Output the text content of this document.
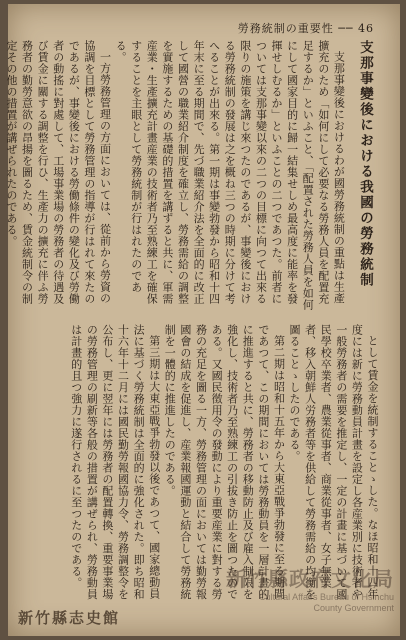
勞務統制の重要性 ── 46
支那事變後における我國の勞務統制

支那事變後におけるわが國勞務統制の重點は生產擴充のため「如何にして必要なる勞務人員を配置充足するか」といふこと、「配置された勞務人員を如何にして國家目的に歸一結集せしめ最高度に能率を發揮せしむるか」といふことの二つであつた。前者については支那事變以來の二つの目標に向つて出來る限りの施策を講じ來つたのであるが、事變後における勞務統制の發展は之を概ね三つの時期に分けて考へることが出來る。第一期は事變勃發から昭和十四年末に至る期間で、先づ職業紹介法を全面的に改正して國營の職業紹介制度を確立し、勞務需給の調整を實施するための基礎的措置を講ずると共に、軍需産業・生產擴充計畫産業の技術者乃至熟練工を確保することを主眼として勞務統制が行はれたのである。

一方勞務管理の方面においては、從前から勞資の協調を目標として勞務管理の指導が行はれて來たのであるが、事變後における勞働條件の變化及び勞働者の動搖に對處して、工場事業場の勞務者の待遇及び賃金に關する調整を行ひ、生產力の擴充に伴ふ勞務者の勤勞意欲の昂揚を圖るため、賃金統制令の制定その他の措置が講ぜられたのである。

として賃金を統制することゝした。なほ昭和十四年度には新に勞務動員計畫を設定し各産業別に技術者や一般勞務者の需要を推定し、一定の計畫に基づいて國民學校卒業者、農業從事者、商業從事者、女子無業者、移入朝鮮人労務者等を供給して勞務需給の均衡を圖ることゝしたのである。

第二期は昭和十五年から大東亞戰爭勃發に至る期間であつて、この期間においては勞務動員を一層計畫的に推進すると共に、勞務者の移動防止及び雇入制限を強化し、技術者乃至熟練工の引拔き防止を圖つたのである。又國民徵用令の發動により重要産業に對する勞務の充足を圖る一方、勞務管理の面においては勤勞報國會の結成を促進し、産業報國運動と結合して勞務統制を一體的に推進したのである。

第三期は大東亞戰爭勃發以後であつて、國家總動員法に基づく勞務統制は全面的に強化された。即ち昭和十六年十二月には國民勤勞報國協力令、勞務調整令を公布し、更に翌年には勞務者の配置轉換、重要事業場の勞務管理の刷新等各般の措置が講ぜられ、勞務動員は計畫的且つ強力に遂行されるに至つたのである。

新竹縣志史館
新竹縣政府文化局
Cultural Affairs Bureau of Hsinchu
County Government
